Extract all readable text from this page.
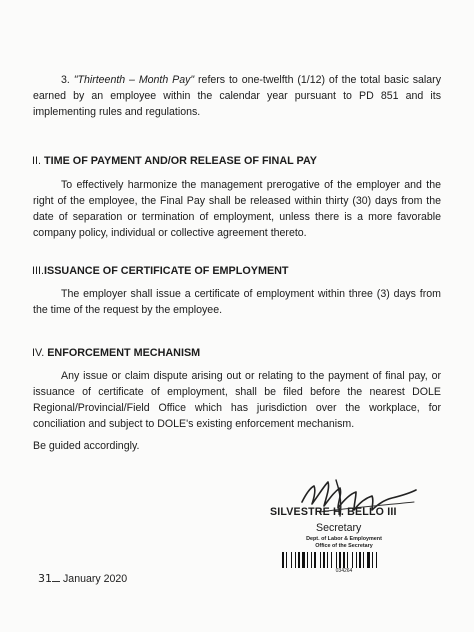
3. "Thirteenth – Month Pay" refers to one-twelfth (1/12) of the total basic salary earned by an employee within the calendar year pursuant to PD 851 and its implementing rules and regulations.

II. TIME OF PAYMENT AND/OR RELEASE OF FINAL PAY

To effectively harmonize the management prerogative of the employer and the right of the employee, the Final Pay shall be released within thirty (30) days from the date of separation or termination of employment, unless there is a more favorable company policy, individual or collective agreement thereto.

III.ISSUANCE OF CERTIFICATE OF EMPLOYMENT

The employer shall issue a certificate of employment within three (3) days from the time of the request by the employee.

IV. ENFORCEMENT MECHANISM

Any issue or claim dispute arising out or relating to the payment of final pay, or issuance of certificate of employment, shall be filed before the nearest DOLE Regional/Provincial/Field Office which has jurisdiction over the workplace, for conciliation and subject to DOLE's existing enforcement mechanism.

Be guided accordingly.

SILVESTRE H. BELLO III
Secretary
Dept. of Labor & Employment
Office of the Secretary
034264
31 January 2020
